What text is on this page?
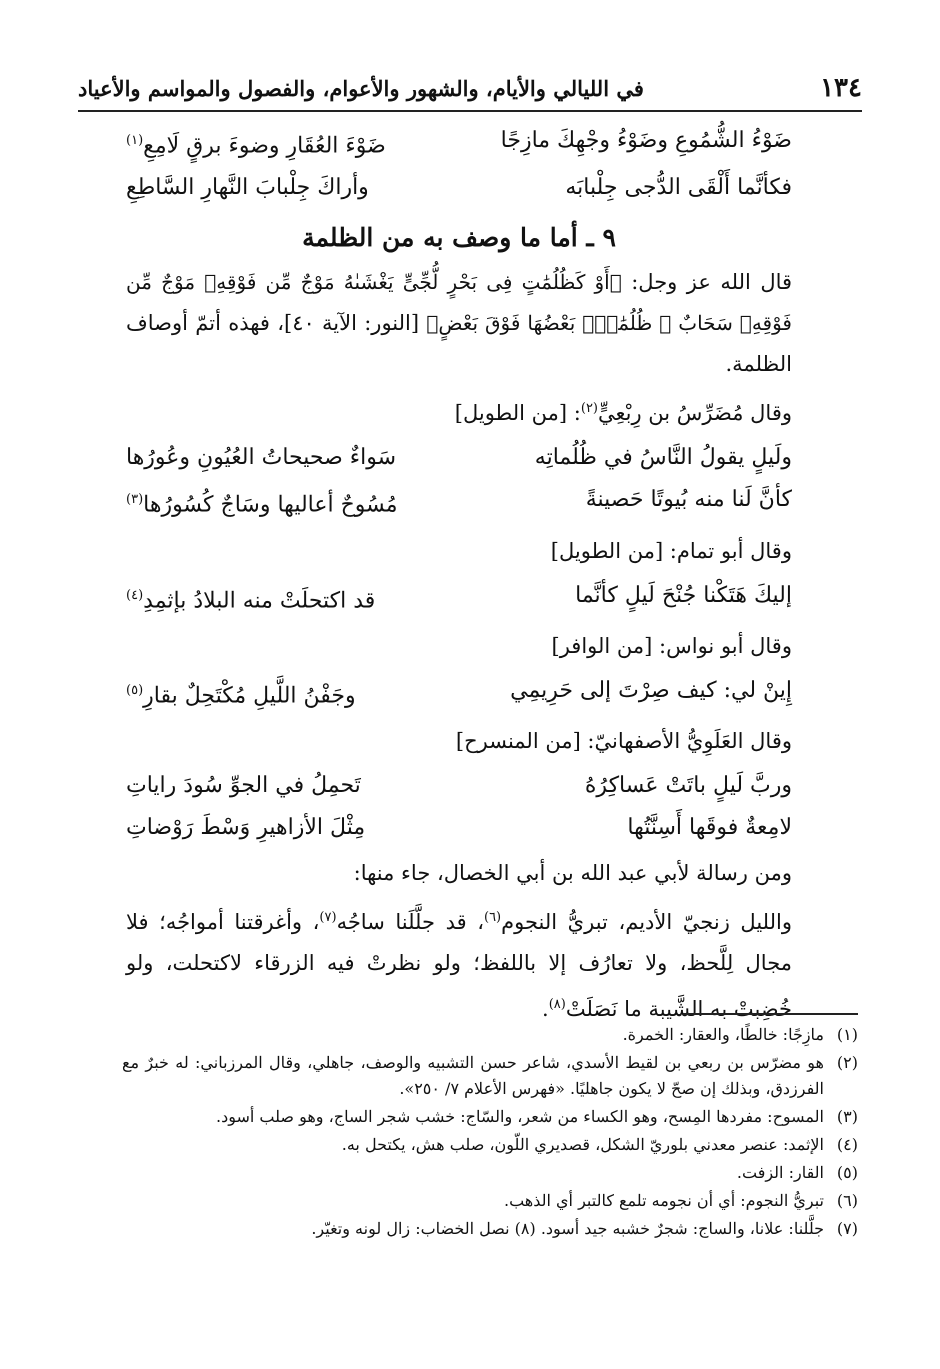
١٣٤
في الليالي والأيام، والشهور والأعوام، والفصول والمواسم والأعياد
ضَوْءُ الشُّمُوعِ وضَوْءُ وجْهِكَ مازِجًا
ضَوْءَ العُقَارِ وضوءَ برقٍ لَامِعِ$^{(١)}$
فكأنَّما أَلْقَى الدُّجى جِلْبابَه
وأراكَ جِلْبابَ النَّهارِ السَّاطِعِ
٩ ـ أما ما وصف به من الظلمة

قال الله عز وجل: ﴿أَوْ كَظُلُمَٰتٍ فِى بَحْرٍ لُّجِّىٍّ يَغْشَىٰهُ مَوْجٌ مِّن فَوْقِهِۦ مَوْجٌ مِّن فَوْقِهِۦ سَحَابٌ ۚ ظُلُمَٰتٌۢ بَعْضُهَا فَوْقَ بَعْضٍ﴾ [النور: الآية ٤٠]، فهذه أتمّ أوصاف الظلمة.

وقال مُضَرِّسُ بن رِبْعِيٍّ$^{(٢)}$: [من الطويل]
ولَيلٍ يقولُ النَّاسُ في ظُلُماتِه
سَواءٌ صحيحاتُ العُيُونِ وعُورُها
كأنَّ لَنا منه بُيوتًا حَصينةً
مُسُوحٌ أعاليها وسَاجٌ كُسُورُها$^{(٣)}$
وقال أبو تمام: [من الطويل]
إليكَ هَتَكْنا جُنْحَ لَيلٍ كأنَّما
قد اكتحلَتْ منه البلادُ بإثمِدِ$^{(٤)}$
وقال أبو نواس: [من الوافر]
إِينْ لي: كيف صِرْتَ إلى حَرِيمِي
وجَفْنُ اللَّيلِ مُكْتَحِلٌ بقارِ$^{(٥)}$
وقال العَلَوِيُّ الأصفهانيّ: [من المنسرح]
وربَّ لَيلٍ باتَتْ عَساكِرُهُ
تَحمِلُ في الجوِّ سُودَ راياتِ
لامِعةٌ فوقَها أَسِنَّتُها
مِثْلَ الأزاهيرِ وَسْطَ رَوْضاتِ
ومن رسالة لأبي عبد الله بن أبي الخصال، جاء منها:

والليل زنجيّ الأديم، تبريُّ النجوم$^{(٦)}$، قد جلَّلَنا ساجُه$^{(٧)}$، وأغرقتنا أمواجُه؛ فلا مجال لِلَّحظ، ولا تعارُف إلا باللفظ؛ ولو نظرتْ فيه الزرقاء لاكتحلت، ولو خُضِبتْ به الشَّيبة ما نَصَلَتْ$^{(٨)}$.

(١)
مازِجًا: خالطًا، والعقار: الخمرة.
(٢)
هو مضرّس بن ربعي بن لقيط الأسدي، شاعر حسن التشبيه والوصف، جاهلي، وقال المرزباني: له خبرٌ مع الفرزدق، وبذلك إن صحّ لا يكون جاهليًا. «فهرس الأعلام ٧/ ٢٥٠».
(٣)
المسوح: مفردها المِسح، وهو الكساء من شعر، والسّاج: خشب شجر الساج، وهو صلب أسود.
(٤)
الإثمد: عنصر معدني بلوريّ الشكل، قصديري اللّون، صلب هش، يكتحل به.
(٥)
القار: الزفت.
(٦)
تبريُّ النجوم: أي أن نجومه تلمع كالتبر أي الذهب.
(٧)
جلَّلنا: علانا، والساج: شجرٌ خشبه جيد أسود. (٨) نصل الخضاب: زال لونه وتغيّر.
